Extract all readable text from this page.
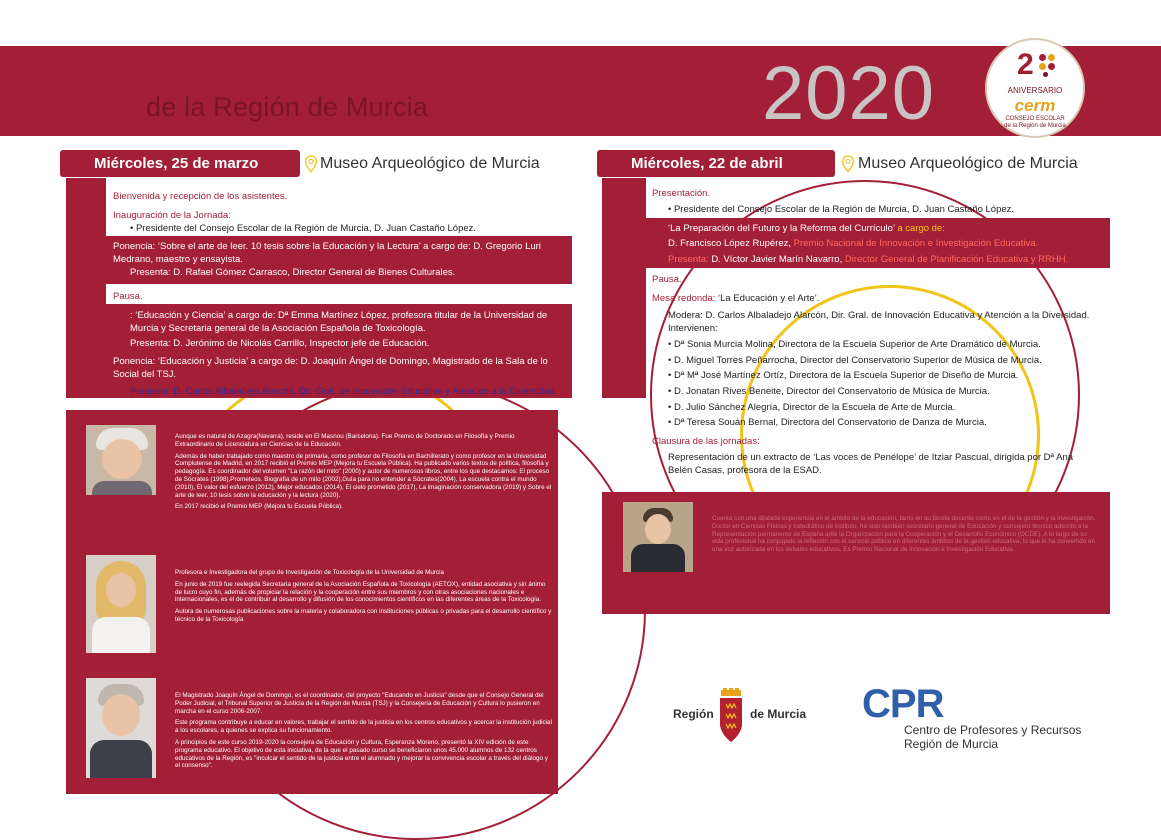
de la Región de Murcia	2020	2
ANIVERSARIO
cerm
CONSEJO ESCOLAR
de la Región de Murcia
Miércoles, 25 de marzo	Museo Arqueológico de Murcia
Bienvenida y recepción de los asistentes.
Inauguración de la Jornada:
• Presidente del Consejo Escolar de la Región de Murcia, D. Juan Castaño López.
Ponencia: ‘Sobre el arte de leer. 10 tesis sobre la Educación y la Lectura’ a cargo de: D. Gregorio Luri Medrano, maestro y ensayista.
Presenta: D. Rafael Gómez Carrasco, Director General de Bienes Culturales.
Pausa.
: ‘Educación y Ciencia’ a cargo de: Dª Emma Martínez López, profesora titular de la Universidad de Murcia y Secretaria general de la Asociación Española de Toxicología.
Presenta: D. Jerónimo de Nicolás Carrillo, Inspector jefe de Educación.
Ponencia: ‘Educación y Justicia’ a cargo de: D. Joaquín Ángel de Domingo, Magistrado de la Sala de lo Social del TSJ.
Presenta: D. Carlos Albaladejo Alarcón, Dir. Gral. de Innovación Educativa y Atención a la Diversidad.
Aunque es natural de Azagra(Navarra), reside en El Masnou (Barcelona). Fue Premio de Doctorado en Filosofía y Premio Extraordinario de Licenciatura en Ciencias de la Educación.
Además de haber trabajado como maestro de primaria, como profesor de Filosofía en Bachillerato y como profesor en la Universidad Complutense de Madrid, en 2017 recibió el Premio MEP (Mejora tu Escuela Pública). Ha publicado varios textos de política, filosofía y pedagogía. Es coordinador del volumen "La razón del mito" (2000) y autor de numerosos libros, entre los que destacamos: El proceso de Sócrates (1998),Prometeos. Biografía de un mito (2002),Guía para no entender a Sócrates(2004), La escuela contra el mundo (2010), El valor del esfuerzo (2012), Mejor educados (2014), El cielo prometido (2017), La imaginación conservadora (2019) y Sobre el arte de leer. 10 tesis sobre la educación y la lectura (2020).
En 2017 recibió el Premio MEP (Mejora tu Escuela Pública).
Profesora e Investigadora del grupo de Investigación de Toxicología de la Universidad de Murcia
En junio de 2019 fue reelegida Secretaria general de la Asociación Española de Toxicología (AETOX), entidad asociativa y sin ánimo de lucro cuyo fin, además de propiciar la relación y la cooperación entre sus miembros y con otras asociaciones nacionales e internacionales, es el de contribuir al desarrollo y difusión de los conocimientos científicos en las diferentes áreas de la Toxicología.
Autora de numerosas publicaciones sobre la materia y colaboradora con instituciones públicas o privadas para el desarrollo científico y técnico de la Toxicología
El Magistrado Joaquín Ángel de Domingo, es el coordinador, del proyecto "Educando en Justicia" desde que el Consejo General del Poder Judicial, el Tribunal Superior de Justicia de la Región de Murcia (TSJ) y la Consejería de Educación y Cultura lo pusieron en marcha en el curso 2006-2007.
Este programa contribuye a educar en valores, trabajar el sentido de la justicia en los centros educativos y acercar la institución judicial a los escolares, a quienes se explica su funcionamiento.
A principios de este curso 2019-2020 la consejera de Educación y Cultura, Esperanza Moreno, presentó la XIV edición de este programa educativo. El objetivo de esta iniciativa, de la que el pasado curso se beneficiaron unos 45.000 alumnos de 132 centros educativos de la Región, es "inculcar el sentido de la justicia entre el alumnado y mejorar la convivencia escolar a través del diálogo y el consenso".
Miércoles, 22 de abril	Museo Arqueológico de Murcia
Presentación.
• Presidente del Consejo Escolar de la Región de Murcia, D. Juan Castaño López.
‘La Preparación del Futuro y la Reforma del Currículo’ a cargo de:
D. Francisco López Rupérez, Premio Nacional de Innovación e Investigación Educativa.
Presenta: D. Víctor Javier Marín Navarro, Director General de Planificación Educativa y RRHH.
Pausa.
Mesa redonda: ‘La Educación y el Arte’.
Modera: D. Carlos Albaladejo Alarcón, Dir. Gral. de Innovación Educativa y Atención a la Diversidad.
Intervienen:
• Dª Sonia Murcia Molina, Directora de la Escuela Superior de Arte Dramático de Murcia.
• D. Miguel Torres Peñarrocha, Director del Conservatorio Superior de Música de Murcia.
• Dª Mª José Martínez Ortíz, Directora de la Escuela Superior de Diseño de Murcia.
• D. Jonatan Rives Beneite, Director del Conservatorio de Música de Murcia.
• D. Julio Sánchez Alegría, Director de la Escuela de Arte de Murcia.
• Dª Teresa Souán Bernal, Directora del Conservatorio de Danza de Murcia.
Clausura de las jornadas:
Representación de un extracto de ‘Las voces de Penélope’ de Itziar Pascual, dirigida por Dª Ana Belén Casas, profesora de la ESAD.
Cuenta con una dilatada experiencia en el ámbito de la educación, tanto en su faceta docente como en el de la gestión y la investigación. Doctor en Ciencias Físicas y catedrático de instituto, ha sido también secretario general de Educación y consejero técnico adscrito a la Representación permanente de España ante la Organización para la Cooperación y el Desarrollo Económico (OCDE). A lo largo de su vida profesional ha conjugado la reflexión con el servicio público en diferentes ámbitos de la gestión educativa, lo que le ha convertido en una voz autorizada en los debates educativos. Es Premio Nacional de Innovación e Investigación Educativa.
Región	de Murcia CPR
Centro de Profesores y Recursos
Región de Murcia
